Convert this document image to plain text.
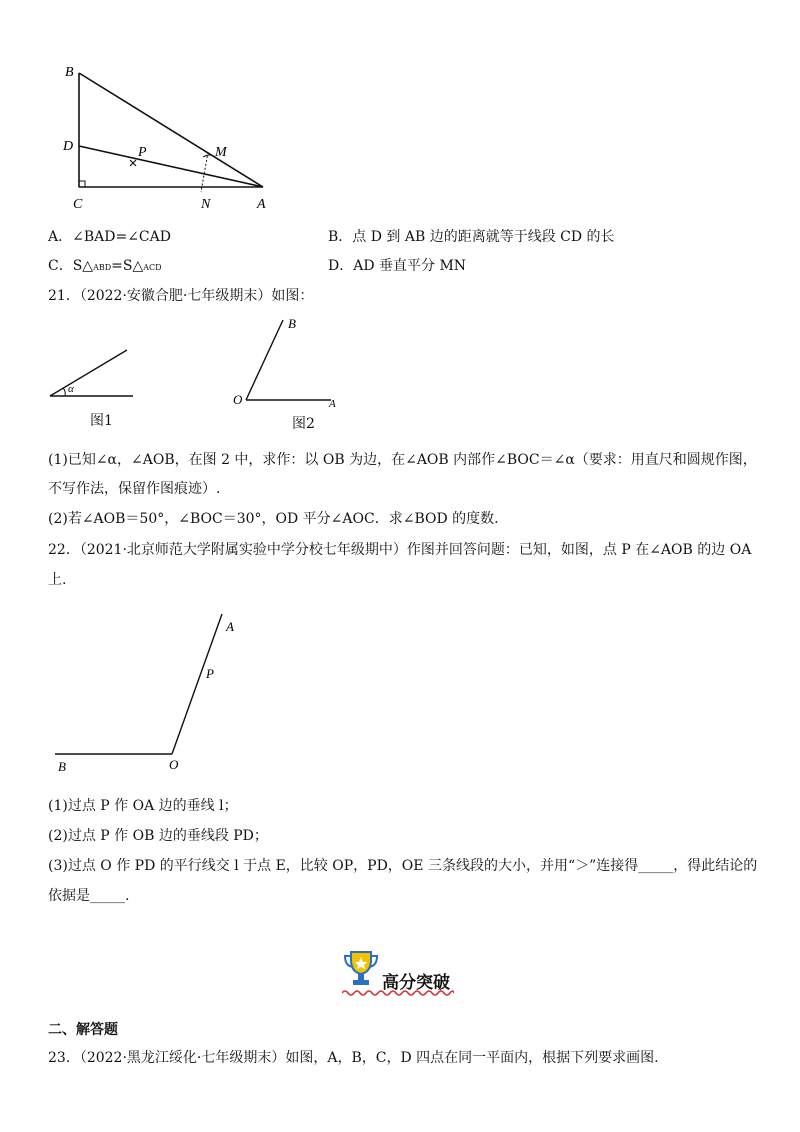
B
D	P	M
C	N	A
A．∠BAD=∠CAD	B．点 D 到 AB 边的距离就等于线段 CD 的长
C．S△ABD=S△ACD	D．AD 垂直平分 MN
21．（2022·安徽合肥·七年级期末）如图：
α
图1
B
O	A
图2
(1)已知∠α，∠AOB，在图 2 中，求作：以 OB 为边，在∠AOB 内部作∠BOC＝∠α（要求：用直尺和圆规作图，
不写作法，保留作图痕迹）.
(2)若∠AOB＝50°，∠BOC＝30°，OD 平分∠AOC．求∠BOD 的度数.
22．（2021·北京师范大学附属实验中学分校七年级期中）作图并回答问题：已知，如图，点 P 在∠AOB 的边 OA
上.
A
P
B	O
(1)过点 P 作 OA 边的垂线 l；
(2)过点 P 作 OB 边的垂线段 PD；
(3)过点 O 作 PD 的平行线交 l 于点 E，比较 OP，PD，OE 三条线段的大小，并用“＞”连接得_____，得此结论的
依据是_____.
高分突破
二、解答题
23．（2022·黑龙江绥化·七年级期末）如图，A，B，C，D 四点在同一平面内，根据下列要求画图.
